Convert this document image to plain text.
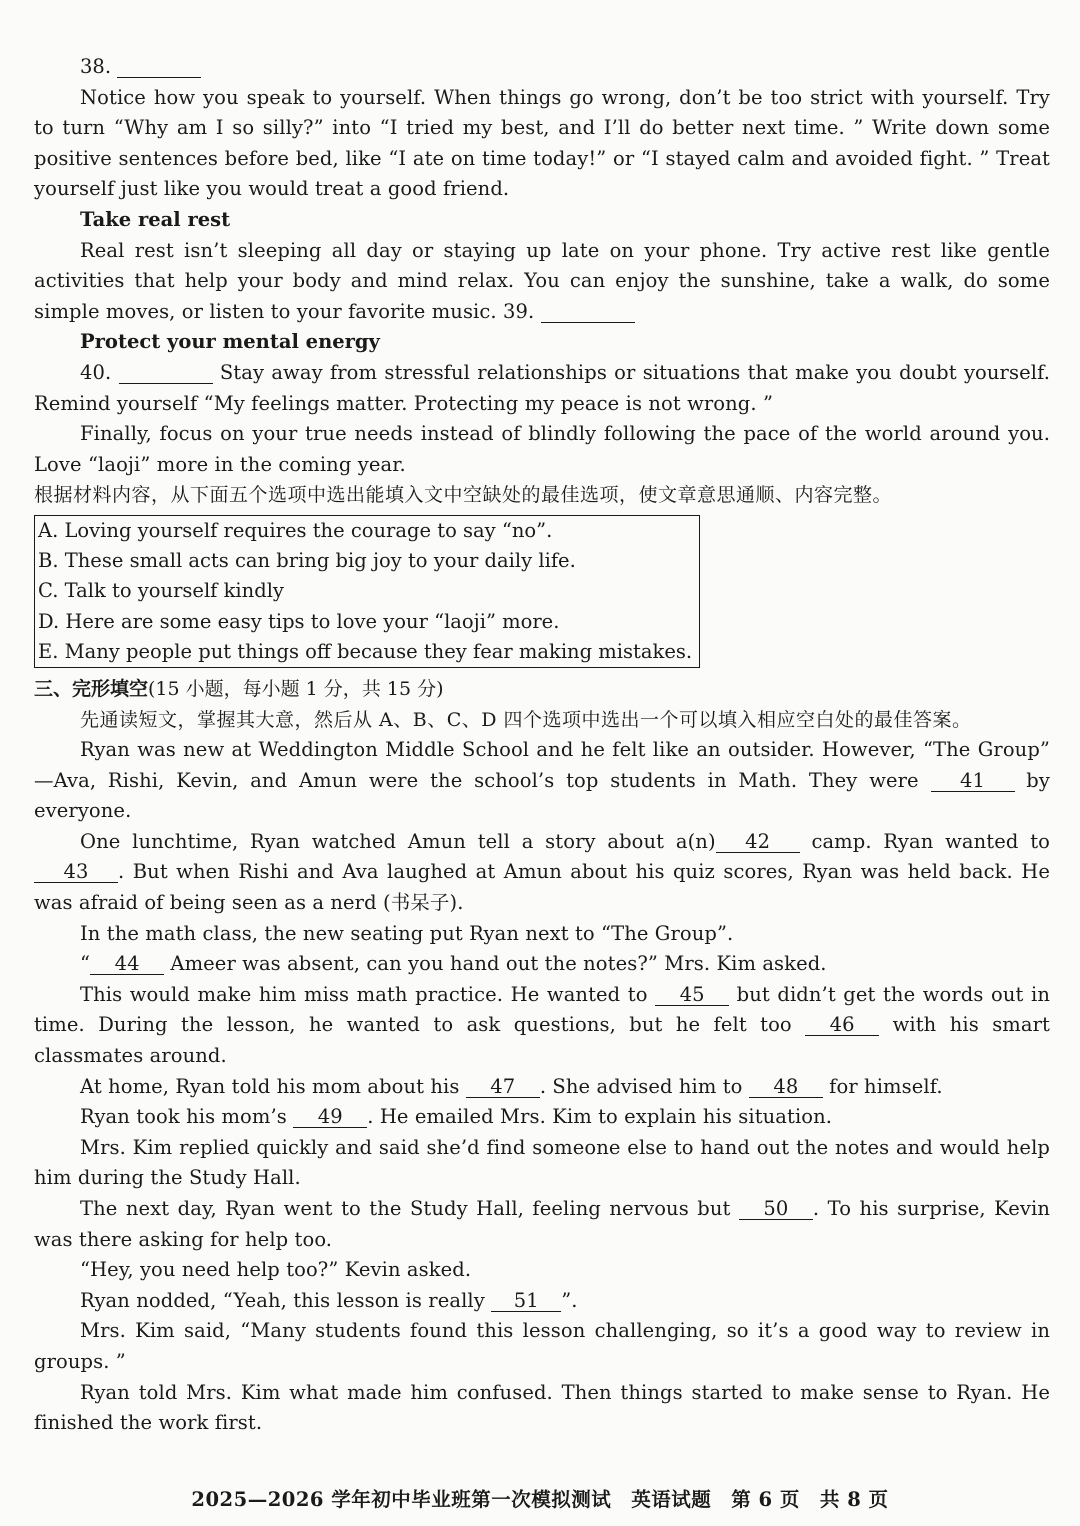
38.

Notice how you speak to yourself. When things go wrong, don’t be too strict with yourself. Try to turn “Why am I so silly?” into “I tried my best, and I’ll do better next time. ” Write down some positive sentences before bed, like “I ate on time today!” or “I stayed calm and avoided fight. ” Treat yourself just like you would treat a good friend.

Take real rest

Real rest isn’t sleeping all day or staying up late on your phone. Try active rest like gentle activities that help your body and mind relax. You can enjoy the sunshine, take a walk, do some simple moves, or listen to your favorite music. 39.

Protect your mental energy

40.	Stay away from stressful relationships or situations that make you doubt yourself. Remind yourself “My feelings matter. Protecting my peace is not wrong. ”

Finally, focus on your true needs instead of blindly following the pace of the world around you. Love “laoji” more in the coming year.

根据材料内容，从下面五个选项中选出能填入文中空缺处的最佳选项，使文章意思通顺、内容完整。

A. Loving yourself requires the courage to say “no”.

B. These small acts can bring big joy to your daily life.

C. Talk to yourself kindly

D. Here are some easy tips to love your “laoji” more.

E. Many people put things off because they fear making mistakes.

三、完形填空(15 小题，每小题 1 分，共 15 分)

先通读短文，掌握其大意，然后从 A、B、C、D 四个选项中选出一个可以填入相应空白处的最佳答案。

Ryan was new at Weddington Middle School and he felt like an outsider. However, “The Group” —Ava, Rishi, Kevin, and Amun were the school’s top students in Math. They were 41 by everyone.

One lunchtime, Ryan watched Amun tell a story about a(n) 42 camp. Ryan wanted to 43 . But when Rishi and Ava laughed at Amun about his quiz scores, Ryan was held back. He was afraid of being seen as a nerd (书呆子).

In the math class, the new seating put Ryan next to “The Group”.

“ 44 Ameer was absent, can you hand out the notes?” Mrs. Kim asked.

This would make him miss math practice. He wanted to 45 but didn’t get the words out in time. During the lesson, he wanted to ask questions, but he felt too 46 with his smart classmates around.

At home, Ryan told his mom about his 47 . She advised him to 48 for himself.

Ryan took his mom’s 49 . He emailed Mrs. Kim to explain his situation.

Mrs. Kim replied quickly and said she’d find someone else to hand out the notes and would help him during the Study Hall.

The next day, Ryan went to the Study Hall, feeling nervous but 50 . To his surprise, Kevin was there asking for help too.

“Hey, you need help too?” Kevin asked.

Ryan nodded, “Yeah, this lesson is really 51 ”.

Mrs. Kim said, “Many students found this lesson challenging, so it’s a good way to review in groups. ”

Ryan told Mrs. Kim what made him confused. Then things started to make sense to Ryan. He finished the work first.

2025—2026 学年初中毕业班第一次模拟测试　英语试题　第 6 页　共 8 页
